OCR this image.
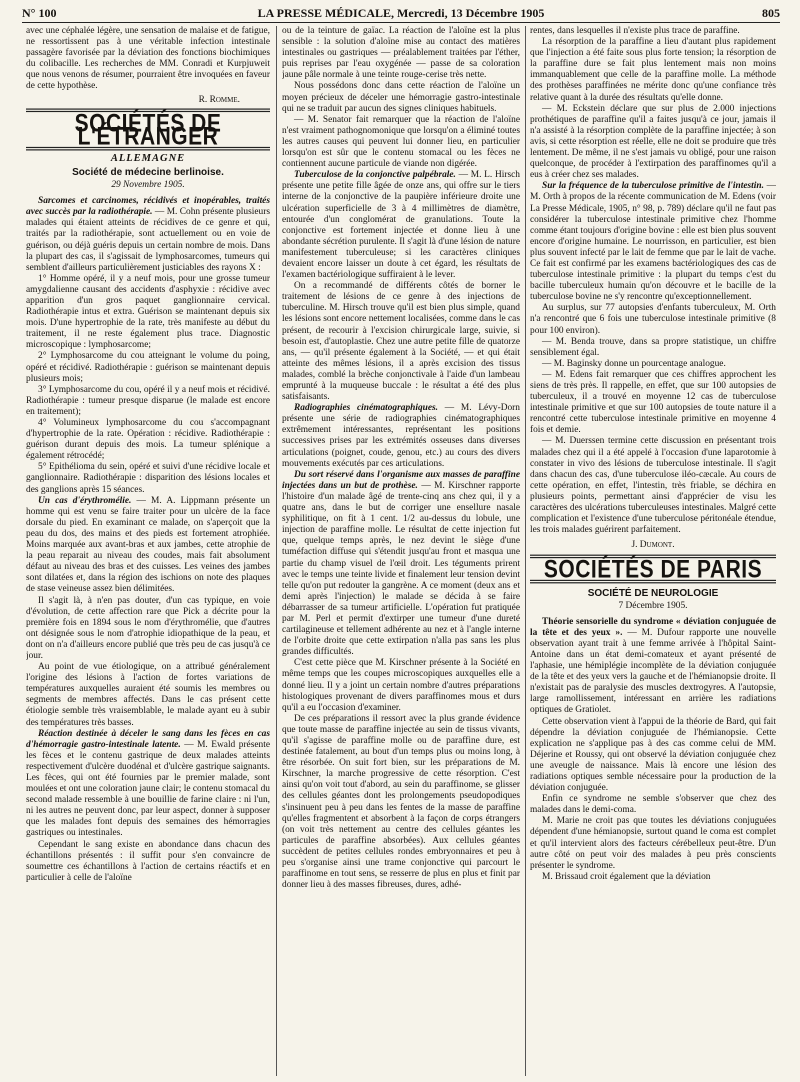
N° 100	LA PRESSE MÉDICALE, Mercredi, 13 Décembre 1905	805

avec une céphalée légère, une sensation de malaise et de fatigue, ne ressortissent pas à une véritable infection intestinale passagère favorisée par la déviation des fonctions biochimiques du colibacille. Les recherches de MM. Conradi et Kurpjuweit que nous venons de résumer, pourraient être invoquées en faveur de cette hypothèse.

R. Romme.
SOCIÉTÉS DE L'ÉTRANGER
ALLEMAGNE
Société de médecine berlinoise.
29 Novembre 1905.

Sarcomes et carcinomes, récidivés et inopérables, traités avec succès par la radiothérapie. — M. Cohn présente plusieurs malades qui étaient atteints de récidives de ce genre et qui, traités par la radiothérapie, sont actuellement ou en voie de guérison, ou déjà guéris depuis un certain nombre de mois. Dans la plupart des cas, il s'agissait de lymphosarcomes, tumeurs qui semblent d'ailleurs particulièrement justiciables des rayons X :

1° Homme opéré, il y a neuf mois, pour une grosse tumeur amygdalienne causant des accidents d'asphyxie : récidive avec apparition d'un gros paquet ganglionnaire cervical. Radiothérapie intus et extra. Guérison se maintenant depuis six mois. D'une hypertrophie de la rate, très manifeste au début du traitement, il ne reste également plus trace. Diagnostic microscopique : lymphosarcome;

2° Lymphosarcome du cou atteignant le volume du poing, opéré et récidivé. Radiothérapie : guérison se maintenant depuis plusieurs mois;

3° Lymphosarcome du cou, opéré il y a neuf mois et récidivé. Radiothérapie : tumeur presque disparue (le malade est encore en traitement);

4° Volumineux lymphosarcome du cou s'accompagnant d'hypertrophie de la rate. Opération : récidive. Radiothérapie : guérison durant depuis des mois. La tumeur splénique a également rétrocédé;

5° Epithélioma du sein, opéré et suivi d'une récidive locale et ganglionnaire. Radiothérapie : disparition des lésions locales et des ganglions après 15 séances.

Un cas d'érythromélie. — M. A. Lippmann présente un homme qui est venu se faire traiter pour un ulcère de la face dorsale du pied. En examinant ce malade, on s'aperçoit que la peau du dos, des mains et des pieds est fortement atrophiée. Moins marquée aux avant-bras et aux jambes, cette atrophie de la peau reparait au niveau des coudes, mais fait absolument défaut au niveau des bras et des cuisses. Les veines des jambes sont dilatées et, dans la région des ischions on note des plaques de stase veineuse assez bien délimitées.

Il s'agit là, à n'en pas douter, d'un cas typique, en voie d'évolution, de cette affection rare que Pick a décrite pour la première fois en 1894 sous le nom d'érythromélie, que d'autres ont désignée sous le nom d'atrophie idiopathique de la peau, et dont on n'a d'ailleurs encore publié que très peu de cas jusqu'à ce jour.

Au point de vue étiologique, on a attribué généralement l'origine des lésions à l'action de fortes variations de températures auxquelles auraient été soumis les membres ou segments de membres affectés. Dans le cas présent cette étiologie semble très vraisemblable, le malade ayant eu à subir des températures très basses.

Réaction destinée à déceler le sang dans les fèces en cas d'hémorragie gastro-intestinale latente. — M. Ewald présente les fèces et le contenu gastrique de deux malades atteints respectivement d'ulcère duodénal et d'ulcère gastrique saignants. Les fèces, qui ont été fournies par le premier malade, sont moulées et ont une coloration jaune clair; le contenu stomacal du second malade ressemble à une bouillie de farine claire : ni l'un, ni les autres ne peuvent donc, par leur aspect, donner à supposer que les malades font depuis des semaines des hémorragies gastriques ou intestinales.

Cependant le sang existe en abondance dans chacun des échantillons présentés : il suffit pour s'en convaincre de soumettre ces échantillons à l'action de certains réactifs et en particulier à celle de l'aloïne

ou de la teinture de gaïac. La réaction de l'aloïne est la plus sensible : la solution d'aloïne mise au contact des matières intestinales ou gastriques — préalablement traitées par l'éther, puis reprises par l'eau oxygénée — passe de sa coloration jaune pâle normale à une teinte rouge-cerise très nette.

Nous possédons donc dans cette réaction de l'aloïne un moyen précieux de déceler une hémorragie gastro-intestinale qui ne se traduit par aucun des signes cliniques habituels.

— M. Senator fait remarquer que la réaction de l'aloïne n'est vraiment pathognomonique que lorsqu'on a éliminé toutes les autres causes qui peuvent lui donner lieu, en particulier lorsqu'on est sûr que le contenu stomacal ou les fèces ne contiennent aucune particule de viande non digérée.

Tuberculose de la conjonctive palpébrale. — M. L. Hirsch présente une petite fille âgée de onze ans, qui offre sur le tiers interne de la conjonctive de la paupière inférieure droite une ulcération superficielle de 3 à 4 millimètres de diamètre, entourée d'un conglomérat de granulations. Toute la conjonctive est fortement injectée et donne lieu à une abondante sécrétion purulente. Il s'agit là d'une lésion de nature manifestement tuberculeuse; si les caractères cliniques devaient encore laisser un doute à cet égard, les résultats de l'examen bactériologique suffiraient à le lever.

On a recommandé de différents côtés de borner le traitement de lésions de ce genre à des injections de tuberculine. M. Hirsch trouve qu'il est bien plus simple, quand les lésions sont encore nettement localisées, comme dans le cas présent, de recourir à l'excision chirurgicale large, suivie, si besoin est, d'autoplastie. Chez une autre petite fille de quatorze ans, — qu'il présente également à la Société, — et qui était atteinte des mêmes lésions, il a après excision des tissus malades, comblé la brèche conjonctivale à l'aide d'un lambeau emprunté à la muqueuse buccale : le résultat a été des plus satisfaisants.

Radiographies cinématographiques. — M. Lévy-Dorn présente une série de radiographies cinématographiques extrêmement intéressantes, représentant les positions successives prises par les extrémités osseuses dans diverses articulations (poignet, coude, genou, etc.) au cours des divers mouvements exécutés par ces articulations.

Du sort réservé dans l'organisme aux masses de paraffine injectées dans un but de prothèse. — M. Kirschner rapporte l'histoire d'un malade âgé de trente-cinq ans chez qui, il y a quatre ans, dans le but de corriger une ensellure nasale syphilitique, on fit à 1 cent. 1/2 au-dessus du lobule, une injection de paraffine molle. Le résultat de cette injection fut que, quelque temps après, le nez devint le siège d'une tuméfaction diffuse qui s'étendit jusqu'au front et masqua une partie du champ visuel de l'œil droit. Les téguments prirent avec le temps une teinte livide et finalement leur tension devint telle qu'on put redouter la gangrène. A ce moment (deux ans et demi après l'injection) le malade se décida à se faire débarrasser de sa tumeur artificielle. L'opération fut pratiquée par M. Perl et permit d'extirper une tumeur d'une dureté cartilagineuse et tellement adhérente au nez et à l'angle interne de l'orbite droite que cette extirpation n'alla pas sans les plus grandes difficultés.

C'est cette pièce que M. Kirschner présente à la Société en même temps que les coupes microscopiques auxquelles elle a donné lieu. Il y a joint un certain nombre d'autres préparations histologiques provenant de divers paraffinomes mous et durs qu'il a eu l'occasion d'examiner.

De ces préparations il ressort avec la plus grande évidence que toute masse de paraffine injectée au sein de tissus vivants, qu'il s'agisse de paraffine molle ou de paraffine dure, est destinée fatalement, au bout d'un temps plus ou moins long, à être résorbée. On suit fort bien, sur les préparations de M. Kirschner, la marche progressive de cette résorption. C'est ainsi qu'on voit tout d'abord, au sein du paraffinome, se glisser des cellules géantes dont les prolongements pseudopodiques s'insinuent peu à peu dans les fentes de la masse de paraffine qu'elles fragmentent et absorbent à la façon de corps étrangers (on voit très nettement au centre des cellules géantes les particules de paraffine absorbées). Aux cellules géantes succèdent de petites cellules rondes embryonnaires et peu à peu s'organise ainsi une trame conjonctive qui parcourt le paraffinome en tout sens, se resserre de plus en plus et finit par donner lieu à des masses fibreuses, dures, adhé-

rentes, dans lesquelles il n'existe plus trace de paraffine.

La résorption de la paraffine a lieu d'autant plus rapidement que l'injection a été faite sous plus forte tension; la résorption de la paraffine dure se fait plus lentement mais non moins immanquablement que celle de la paraffine molle. La méthode des prothèses paraffinées ne mérite donc qu'une confiance très relative quant à la durée des résultats qu'elle donne.

— M. Eckstein déclare que sur plus de 2.000 injections prothétiques de paraffine qu'il a faites jusqu'à ce jour, jamais il n'a assisté à la résorption complète de la paraffine injectée; à son avis, si cette résorption est réelle, elle ne doit se produire que très lentement. De même, il ne s'est jamais vu obligé, pour une raison quelconque, de procéder à l'extirpation des paraffinomes qu'il a eus à créer chez ses malades.

Sur la fréquence de la tuberculose primitive de l'intestin. — M. Orth à propos de la récente communication de M. Edens (voir La Presse Médicale, 1905, n° 98, p. 789) déclare qu'il ne faut pas considérer la tuberculose intestinale primitive chez l'homme comme étant toujours d'origine bovine : elle est bien plus souvent encore d'origine humaine. Le nourrisson, en particulier, est bien plus souvent infecté par le lait de femme que par le lait de vache. Ce fait est confirmé par les examens bactériologiques des cas de tuberculose intestinale primitive : la plupart du temps c'est du bacille tuberculeux humain qu'on découvre et le bacille de la tuberculose bovine ne s'y rencontre qu'exceptionnellement.

Au surplus, sur 77 autopsies d'enfants tuberculeux, M. Orth n'a rencontré que 6 fois une tuberculose intestinale primitive (8 pour 100 environ).

— M. Benda trouve, dans sa propre statistique, un chiffre sensiblement égal.

— M. Baginsky donne un pourcentage analogue.

— M. Edens fait remarquer que ces chiffres approchent les siens de très près. Il rappelle, en effet, que sur 100 autopsies de tuberculeux, il a trouvé en moyenne 12 cas de tuberculose intestinale primitive et que sur 100 autopsies de toute nature il a rencontré cette tuberculose intestinale primitive en moyenne 4 fois et demie.

— M. Duerssen termine cette discussion en présentant trois malades chez qui il a été appelé à l'occasion d'une laparotomie à constater in vivo des lésions de tuberculose intestinale. Il s'agit dans chacun des cas, d'une tuberculose iléo-cæcale. Au cours de cette opération, en effet, l'intestin, très friable, se déchira en plusieurs points, permettant ainsi d'apprécier de visu les caractères des ulcérations tuberculeuses intestinales. Malgré cette complication et l'existence d'une tuberculose péritonéale étendue, les trois malades guérirent parfaitement.

J. Dumont.
SOCIÉTÉS DE PARIS
SOCIÉTÉ DE NEUROLOGIE
7 Décembre 1905.

Théorie sensorielle du syndrome « déviation conjuguée de la tête et des yeux ». — M. Dufour rapporte une nouvelle observation ayant trait à une femme arrivée à l'hôpital Saint-Antoine dans un état demi-comateux et ayant présenté de l'aphasie, une hémiplégie incomplète de la déviation conjuguée de la tête et des yeux vers la gauche et de l'hémianopsie droite. Il n'existait pas de paralysie des muscles dextrogyres. A l'autopsie, large ramollissement, intéressant en arrière les radiations optiques de Gratiolet.

Cette observation vient à l'appui de la théorie de Bard, qui fait dépendre la déviation conjuguée de l'hémianopsie. Cette explication ne s'applique pas à des cas comme celui de MM. Déjerine et Roussy, qui ont observé la déviation conjuguée chez une aveugle de naissance. Mais là encore une lésion des radiations optiques semble nécessaire pour la production de la déviation conjuguée.

Enfin ce syndrome ne semble s'observer que chez des malades dans le demi-coma.

M. Marie ne croit pas que toutes les déviations conjuguées dépendent d'une hémianopsie, surtout quand le coma est complet et qu'il intervient alors des facteurs cérébelleux peut-être. D'un autre côté on peut voir des malades à peu près conscients présenter le syndrome.

M. Brissaud croit également que la déviation
